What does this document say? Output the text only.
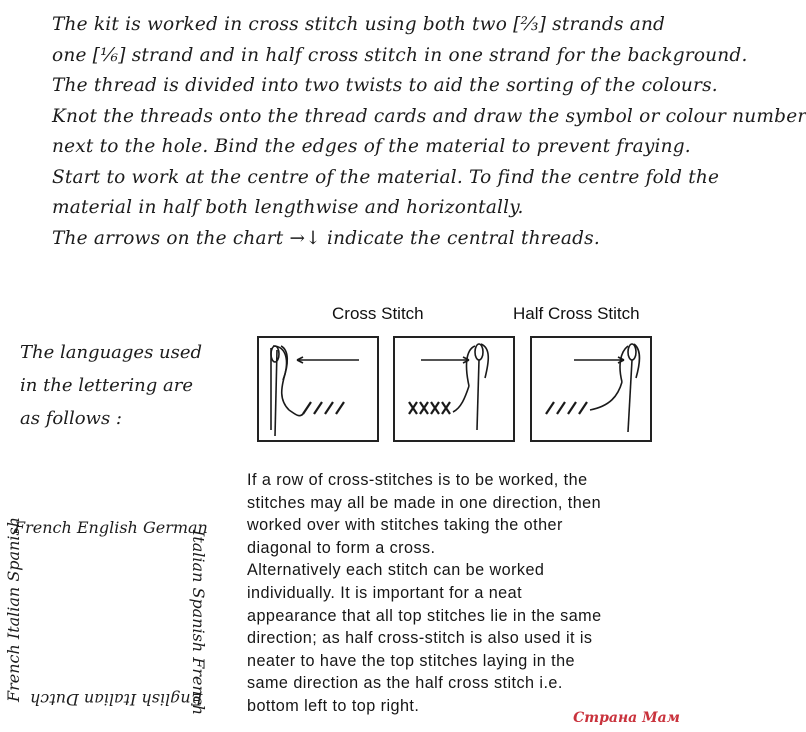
The kit is worked in cross stitch using both two [⅔] strands and
one [⅙] strand and in half cross stitch in one strand for the background.
The thread is divided into two twists to aid the sorting of the colours.
Knot the threads onto the thread cards and draw the symbol or colour number
next to the hole. Bind the edges of the material to prevent fraying.
Start to work at the centre of the material. To find the centre fold the
material in half both lengthwise and horizontally.
The arrows on the chart →↓ indicate the central threads.
The languages used
in the lettering are
as follows :
Cross Stitch	Half Cross Stitch
If a row of cross-stitches is to be worked, the
stitches may all be made in one direction, then
worked over with stitches taking the other
diagonal to form a cross.
Alternatively each stitch can be worked
individually. It is important for a neat
appearance that all top stitches lie in the same
direction; as half cross-stitch is also used it is
neater to have the top stitches laying in the
same direction as the half cross stitch i.e.
bottom left to top right.
French English German
Italian Spanish French
English Italian Dutch
French Italian Spanish
Страна Мам
